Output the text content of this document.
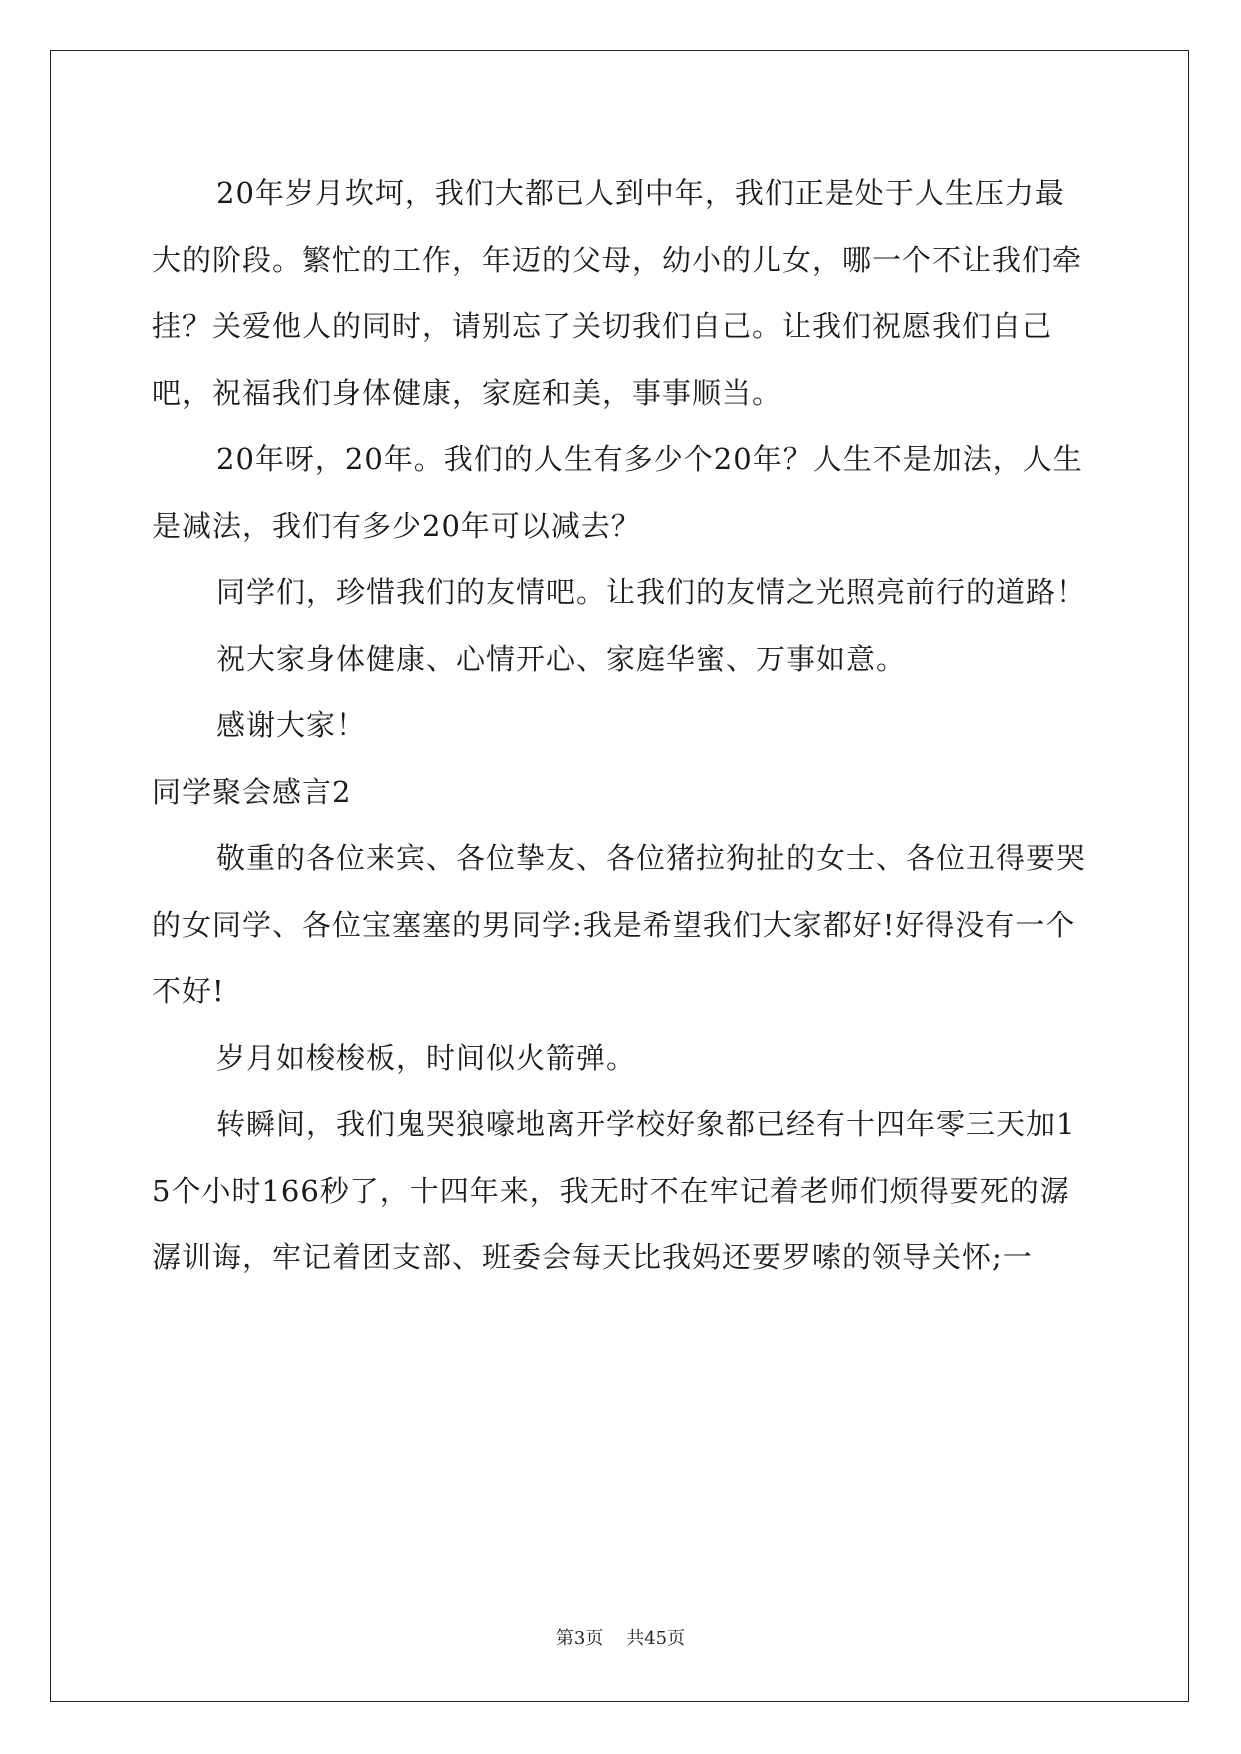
20年岁月坎坷，我们大都已人到中年，我们正是处于人生压力最大的阶段。繁忙的工作，年迈的父母，幼小的儿女，哪一个不让我们牵挂？关爱他人的同时，请别忘了关切我们自己。让我们祝愿我们自己吧，祝福我们身体健康，家庭和美，事事顺当。

20年呀，20年。我们的人生有多少个20年？人生不是加法，人生是减法，我们有多少20年可以减去？

同学们，珍惜我们的友情吧。让我们的友情之光照亮前行的道路！

祝大家身体健康、心情开心、家庭华蜜、万事如意。

感谢大家！

同学聚会感言2

敬重的各位来宾、各位挚友、各位猪拉狗扯的女士、各位丑得要哭的女同学、各位宝塞塞的男同学:我是希望我们大家都好!好得没有一个不好!

岁月如梭梭板，时间似火箭弹。

转瞬间，我们鬼哭狼嚎地离开学校好象都已经有十四年零三天加15个小时166秒了，十四年来，我无时不在牢记着老师们烦得要死的潺潺训诲，牢记着团支部、班委会每天比我妈还要罗嗦的领导关怀;一

第3页 共45页
